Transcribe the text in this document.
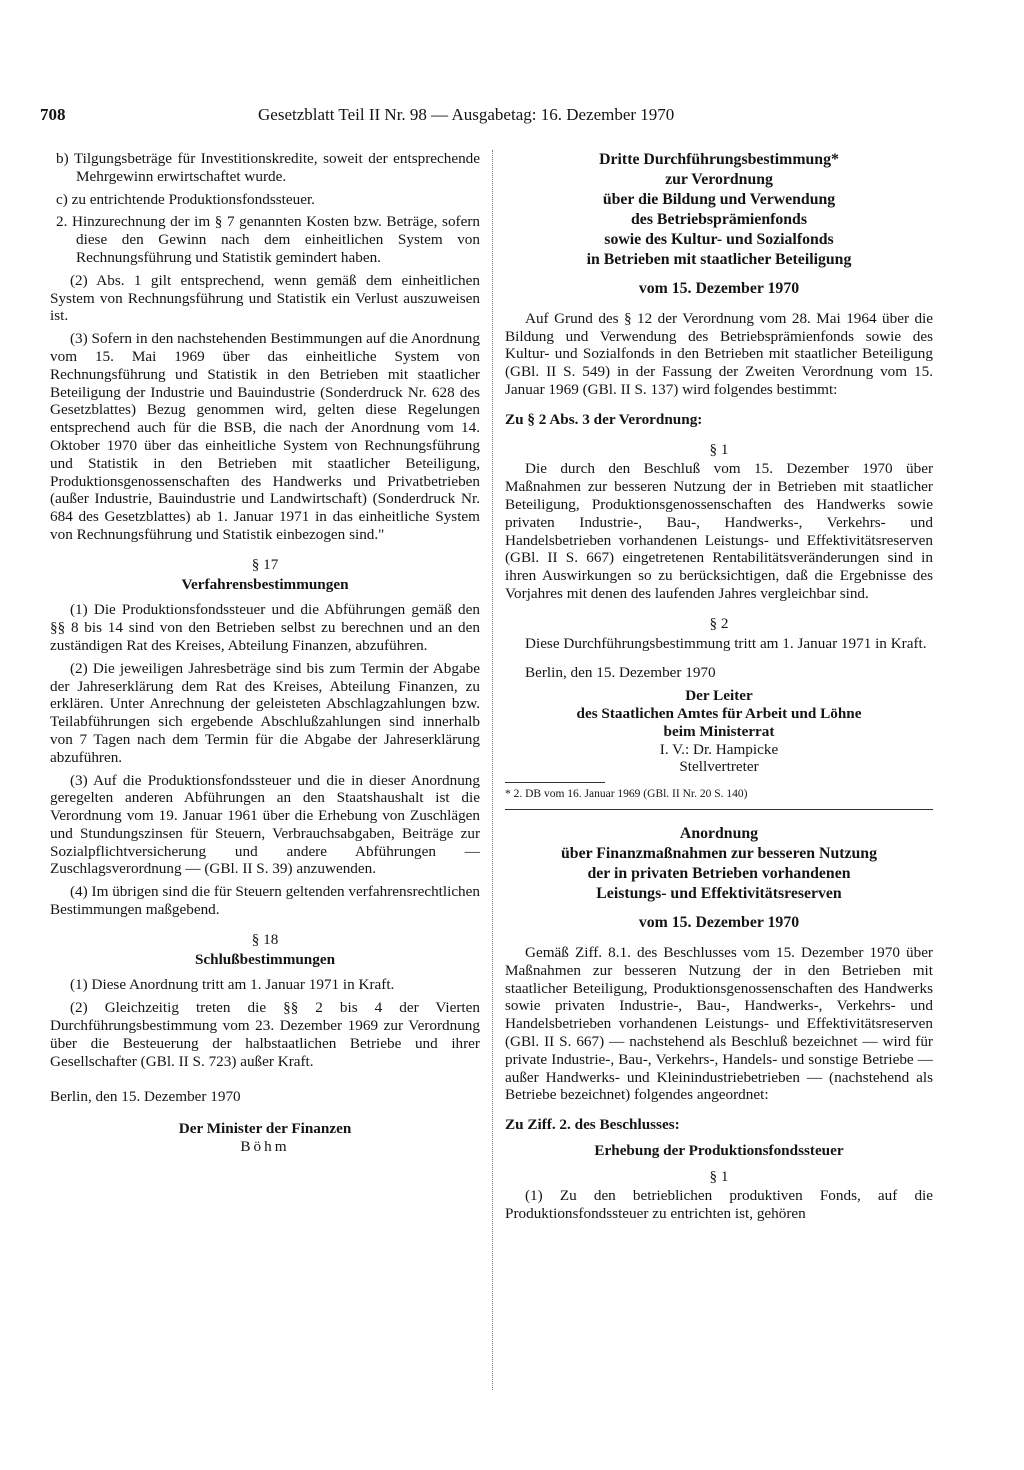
708	Gesetzblatt Teil II Nr. 98 — Ausgabetag: 16. Dezember 1970

b) Tilgungsbeträge für Investitionskredite, soweit der entsprechende Mehrgewinn erwirtschaftet wurde.

c) zu entrichtende Produktionsfondssteuer.

2. Hinzurechnung der im § 7 genannten Kosten bzw. Beträge, sofern diese den Gewinn nach dem einheitlichen System von Rechnungsführung und Statistik gemindert haben.

(2) Abs. 1 gilt entsprechend, wenn gemäß dem einheitlichen System von Rechnungsführung und Statistik ein Verlust auszuweisen ist.

(3) Sofern in den nachstehenden Bestimmungen auf die Anordnung vom 15. Mai 1969 über das einheitliche System von Rechnungsführung und Statistik in den Betrieben mit staatlicher Beteiligung der Industrie und Bauindustrie (Sonderdruck Nr. 628 des Gesetzblattes) Bezug genommen wird, gelten diese Regelungen entsprechend auch für die BSB, die nach der Anordnung vom 14. Oktober 1970 über das einheitliche System von Rechnungsführung und Statistik in den Betrieben mit staatlicher Beteiligung, Produktionsgenossenschaften des Handwerks und Privatbetrieben (außer Industrie, Bauindustrie und Landwirtschaft) (Sonderdruck Nr. 684 des Gesetzblattes) ab 1. Januar 1971 in das einheitliche System von Rechnungsführung und Statistik einbezogen sind."

§ 17
Verfahrensbestimmungen

(1) Die Produktionsfondssteuer und die Abführungen gemäß den §§ 8 bis 14 sind von den Betrieben selbst zu berechnen und an den zuständigen Rat des Kreises, Abteilung Finanzen, abzuführen.

(2) Die jeweiligen Jahresbeträge sind bis zum Termin der Abgabe der Jahreserklärung dem Rat des Kreises, Abteilung Finanzen, zu erklären. Unter Anrechnung der geleisteten Abschlagzahlungen bzw. Teilabführungen sich ergebende Abschlußzahlungen sind innerhalb von 7 Tagen nach dem Termin für die Abgabe der Jahreserklärung abzuführen.

(3) Auf die Produktionsfondssteuer und die in dieser Anordnung geregelten anderen Abführungen an den Staatshaushalt ist die Verordnung vom 19. Januar 1961 über die Erhebung von Zuschlägen und Stundungszinsen für Steuern, Verbrauchsabgaben, Beiträge zur Sozialpflichtversicherung und andere Abführungen — Zuschlagsverordnung — (GBl. II S. 39) anzuwenden.

(4) Im übrigen sind die für Steuern geltenden verfahrensrechtlichen Bestimmungen maßgebend.

§ 18
Schlußbestimmungen

(1) Diese Anordnung tritt am 1. Januar 1971 in Kraft.

(2) Gleichzeitig treten die §§ 2 bis 4 der Vierten Durchführungsbestimmung vom 23. Dezember 1969 zur Verordnung über die Besteuerung der halbstaatlichen Betriebe und ihrer Gesellschafter (GBl. II S. 723) außer Kraft.

Berlin, den 15. Dezember 1970

Der Minister der Finanzen

Böhm

Dritte Durchführungsbestimmung*

zur Verordnung

über die Bildung und Verwendung

des Betriebsprämienfonds

sowie des Kultur- und Sozialfonds

in Betrieben mit staatlicher Beteiligung

vom 15. Dezember 1970

Auf Grund des § 12 der Verordnung vom 28. Mai 1964 über die Bildung und Verwendung des Betriebsprämienfonds sowie des Kultur- und Sozialfonds in den Betrieben mit staatlicher Beteiligung (GBl. II S. 549) in der Fassung der Zweiten Verordnung vom 15. Januar 1969 (GBl. II S. 137) wird folgendes bestimmt:

Zu § 2 Abs. 3 der Verordnung:

§ 1

Die durch den Beschluß vom 15. Dezember 1970 über Maßnahmen zur besseren Nutzung der in Betrieben mit staatlicher Beteiligung, Produktionsgenossenschaften des Handwerks sowie privaten Industrie-, Bau-, Handwerks-, Verkehrs- und Handelsbetrieben vorhandenen Leistungs- und Effektivitätsreserven (GBl. II S. 667) eingetretenen Rentabilitätsveränderungen sind in ihren Auswirkungen so zu berücksichtigen, daß die Ergebnisse des Vorjahres mit denen des laufenden Jahres vergleichbar sind.

§ 2

Diese Durchführungsbestimmung tritt am 1. Januar 1971 in Kraft.

Berlin, den 15. Dezember 1970

Der Leiter

des Staatlichen Amtes für Arbeit und Löhne

beim Ministerrat

I. V.: Dr. Hampicke

Stellvertreter

* 2. DB vom 16. Januar 1969 (GBl. II Nr. 20 S. 140)

Anordnung

über Finanzmaßnahmen zur besseren Nutzung

der in privaten Betrieben vorhandenen

Leistungs- und Effektivitätsreserven

vom 15. Dezember 1970

Gemäß Ziff. 8.1. des Beschlusses vom 15. Dezember 1970 über Maßnahmen zur besseren Nutzung der in den Betrieben mit staatlicher Beteiligung, Produktionsgenossenschaften des Handwerks sowie privaten Industrie-, Bau-, Handwerks-, Verkehrs- und Handelsbetrieben vorhandenen Leistungs- und Effektivitätsreserven (GBl. II S. 667) — nachstehend als Beschluß bezeichnet — wird für private Industrie-, Bau-, Verkehrs-, Handels- und sonstige Betriebe — außer Handwerks- und Kleinindustriebetrieben — (nachstehend als Betriebe bezeichnet) folgendes angeordnet:

Zu Ziff. 2. des Beschlusses:

Erhebung der Produktionsfondssteuer
§ 1

(1) Zu den betrieblichen produktiven Fonds, auf die Produktionsfondssteuer zu entrichten ist, gehören
